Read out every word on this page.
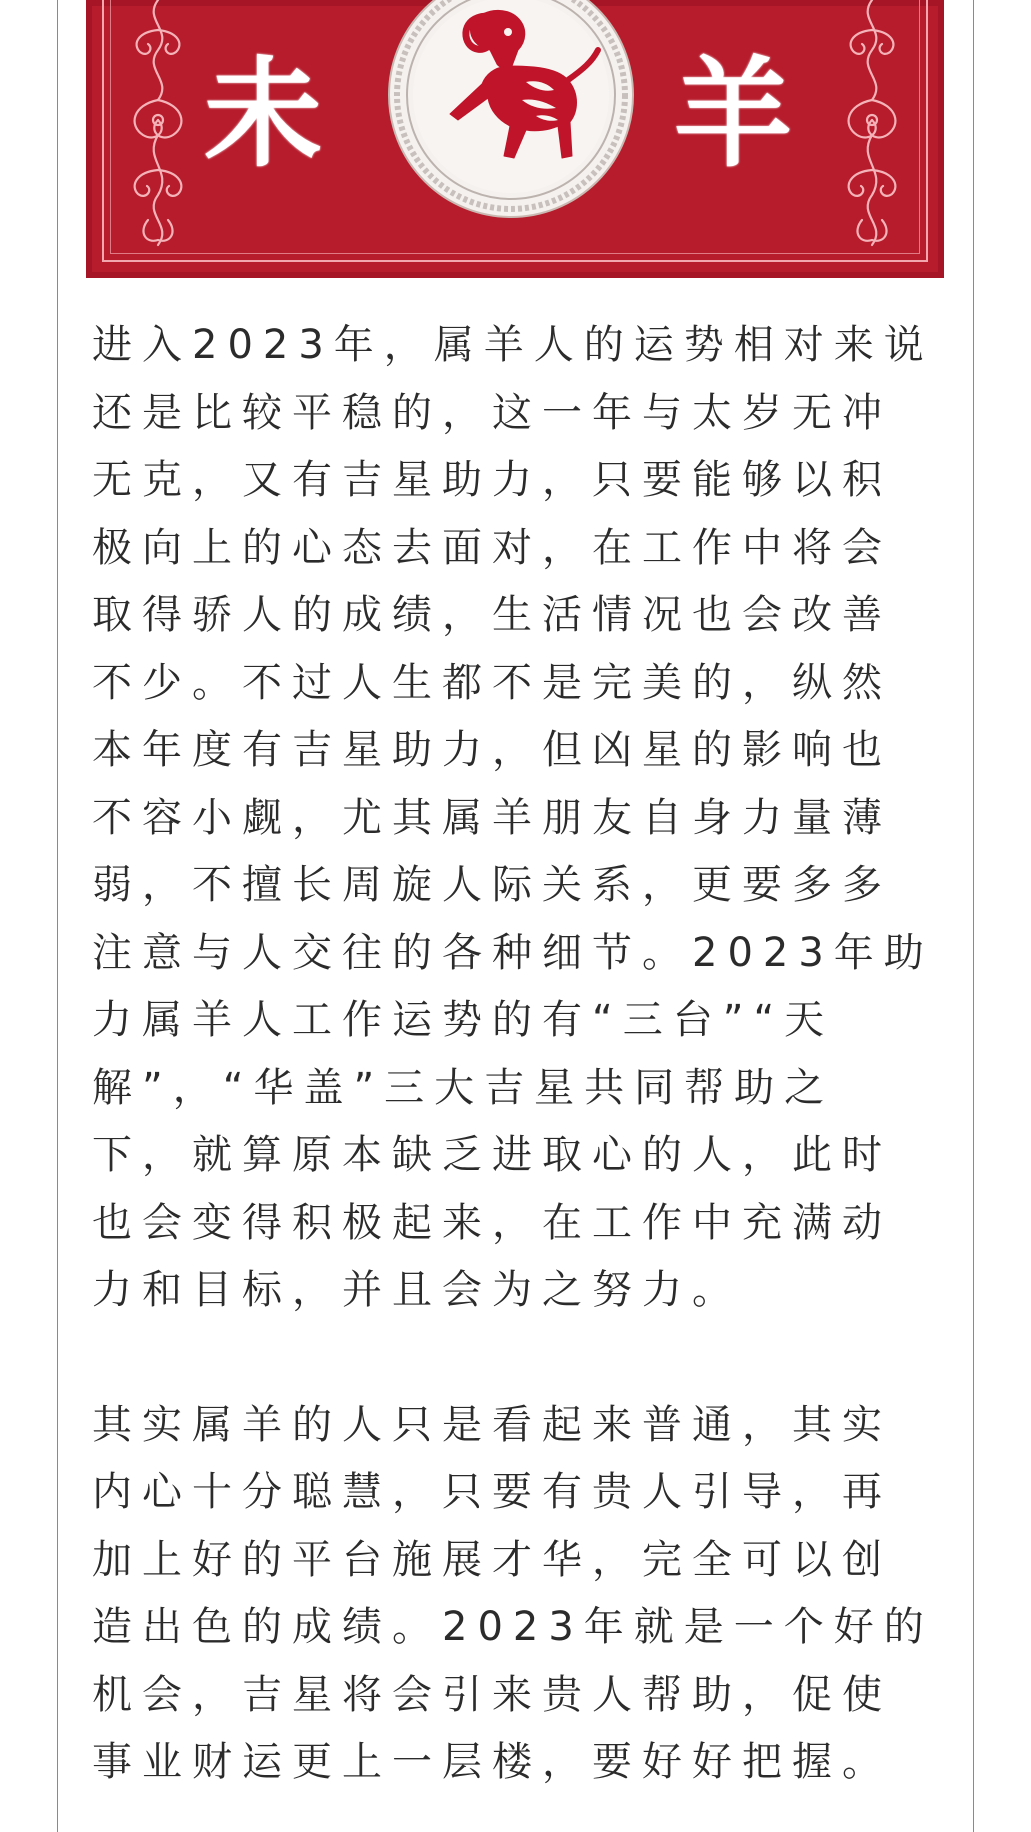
未	羊
进入2023年，属羊人的运势相对来说
还是比较平稳的，这一年与太岁无冲
无克，又有吉星助力，只要能够以积
极向上的心态去面对，在工作中将会
取得骄人的成绩，生活情况也会改善
不少。不过人生都不是完美的，纵然
本年度有吉星助力，但凶星的影响也
不容小觑，尤其属羊朋友自身力量薄
弱，不擅长周旋人际关系，更要多多
注意与人交往的各种细节。2023年助
力属羊人工作运势的有“三台”“天
解”，“华盖”三大吉星共同帮助之
下，就算原本缺乏进取心的人，此时
也会变得积极起来，在工作中充满动
力和目标，并且会为之努力。
其实属羊的人只是看起来普通，其实
内心十分聪慧，只要有贵人引导，再
加上好的平台施展才华，完全可以创
造出色的成绩。2023年就是一个好的
机会，吉星将会引来贵人帮助，促使
事业财运更上一层楼，要好好把握。
